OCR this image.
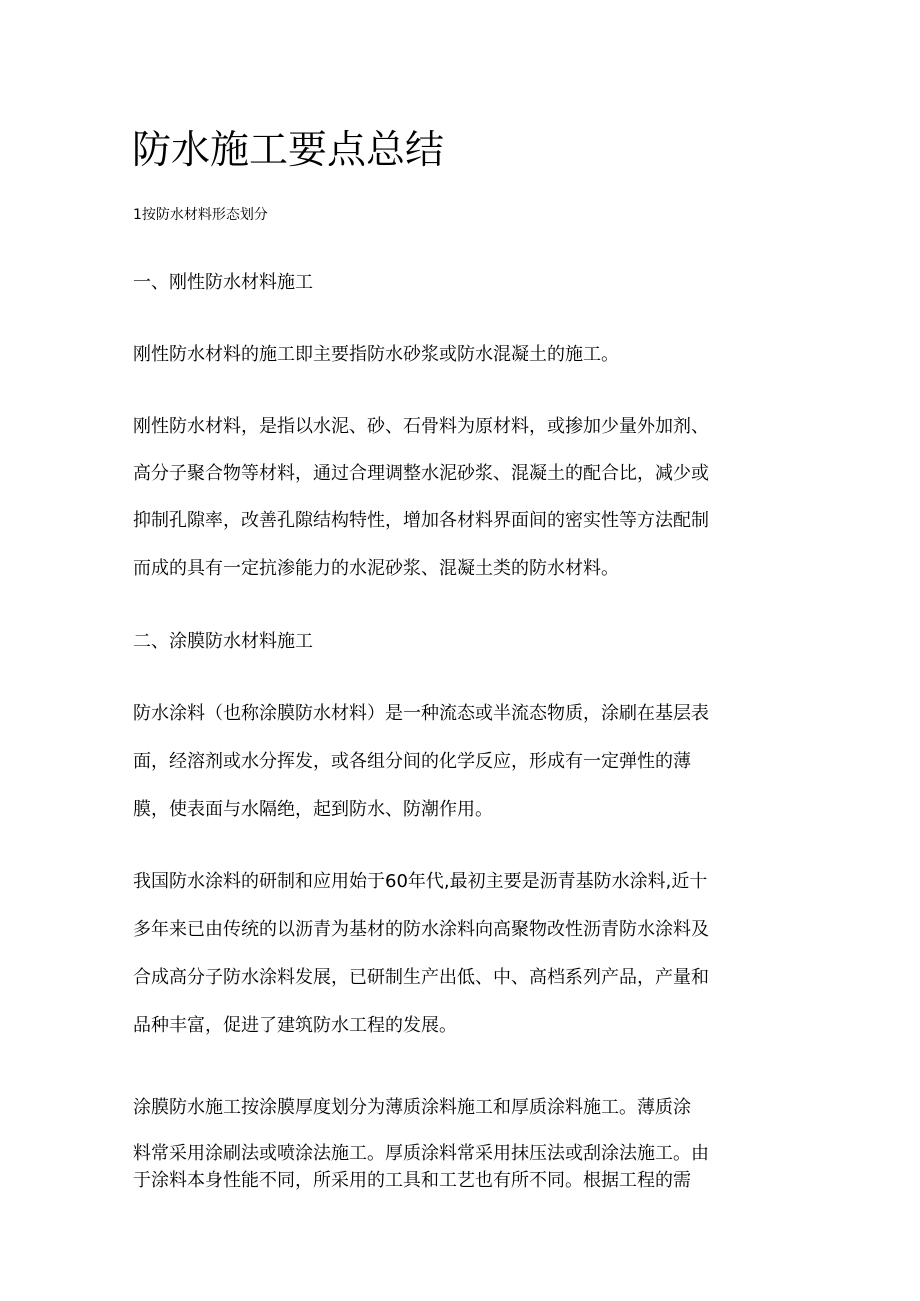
防水施工要点总结

1按防水材料形态划分

一、刚性防水材料施工

刚性防水材料的施工即主要指防水砂浆或防水混凝土的施工。

刚性防水材料，是指以水泥、砂、石骨料为原材料，或掺加少量外加剂、

高分子聚合物等材料，通过合理调整水泥砂浆、混凝土的配合比，减少或

抑制孔隙率，改善孔隙结构特性，增加各材料界面间的密实性等方法配制

而成的具有一定抗渗能力的水泥砂浆、混凝土类的防水材料。

二、涂膜防水材料施工

防水涂料（也称涂膜防水材料）是一种流态或半流态物质，涂刷在基层表

面，经溶剂或水分挥发，或各组分间的化学反应，形成有一定弹性的薄

膜，使表面与水隔绝，起到防水、防潮作用。

我国防水涂料的研制和应用始于60年代,最初主要是沥青基防水涂料,近十

多年来已由传统的以沥青为基材的防水涂料向高聚物改性沥青防水涂料及

合成高分子防水涂料发展，已研制生产出低、中、高档系列产品，产量和

品种丰富，促进了建筑防水工程的发展。

涂膜防水施工按涂膜厚度划分为薄质涂料施工和厚质涂料施工。薄质涂

料常采用涂刷法或喷涂法施工。厚质涂料常采用抹压法或刮涂法施工。由

于涂料本身性能不同，所采用的工具和工艺也有所不同。根据工程的需
